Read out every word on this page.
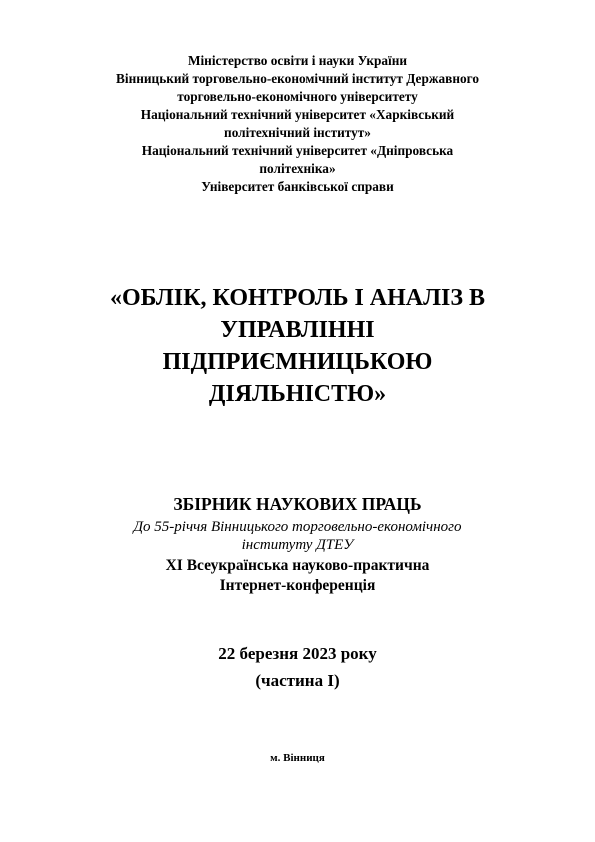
Міністерство освіти і науки України
Вінницький торговельно-економічний інститут Державного
торговельно-економічного університету
Національний технічний університет «Харківський
політехнічний інститут»
Національний технічний університет «Дніпровська
політехніка»
Університет банківської справи
«ОБЛІК, КОНТРОЛЬ І АНАЛІЗ В
УПРАВЛІННІ
ПІДПРИЄМНИЦЬКОЮ
ДІЯЛЬНІСТЮ»
ЗБІРНИК НАУКОВИХ ПРАЦЬ
До 55-річчя Вінницького торговельно-економічного
інституту ДТЕУ
XI Всеукраїнська науково-практична
Інтернет-конференція
22 березня 2023 року
(частина I)
м. Вінниця
